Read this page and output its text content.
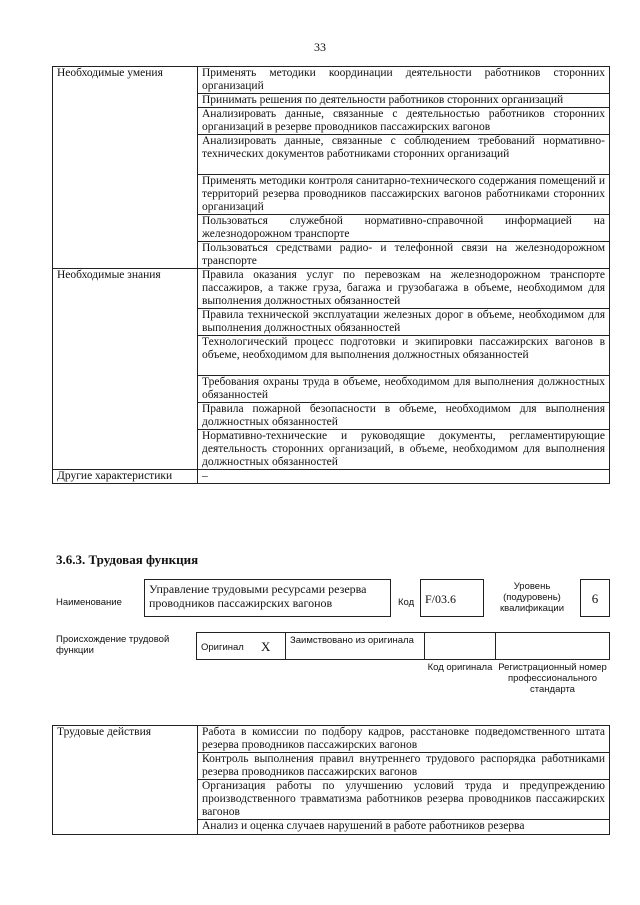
33
Необходимые умения	Применять методики координации деятельности работников сторонних организаций
	Принимать решения по деятельности работников сторонних организаций
	Анализировать данные, связанные с деятельностью работников сторонних организаций в резерве проводников пассажирских вагонов
	Анализировать данные, связанные с соблюдением требований нормативно-технических документов работниками сторонних организаций
	Применять методики контроля санитарно-технического содержания помещений и территорий резерва проводников пассажирских вагонов работниками сторонних организаций
	Пользоваться служебной нормативно-справочной информацией на железнодорожном транспорте
	Пользоваться средствами радио- и телефонной связи на железнодорожном транспорте
Необходимые знания	Правила оказания услуг по перевозкам на железнодорожном транспорте пассажиров, а также груза, багажа и грузобагажа в объеме, необходимом для выполнения должностных обязанностей
	Правила технической эксплуатации железных дорог в объеме, необходимом для выполнения должностных обязанностей
	Технологический процесс подготовки и экипировки пассажирских вагонов в объеме, необходимом для выполнения должностных обязанностей
	Требования охраны труда в объеме, необходимом для выполнения должностных обязанностей
	Правила пожарной безопасности в объеме, необходимом для выполнения должностных обязанностей
	Нормативно-технические и руководящие документы, регламентирующие деятельность сторонних организаций, в объеме, необходимом для выполнения должностных обязанностей
Другие характеристики	–
3.6.3. Трудовая функция
Наименование
Управление трудовыми ресурсами резерва проводников пассажирских вагонов	Код F/03.6
Уровень (подуровень) квалификации
6
Происхождение трудовой функции	Оригинал X Заимствовано из оригинала
Код оригинала Регистрационный номер профессионального стандарта
Трудовые действия	Работа в комиссии по подбору кадров, расстановке подведомственного штата резерва проводников пассажирских вагонов
Контроль выполнения правил внутреннего трудового распорядка работниками резерва проводников пассажирских вагонов
Организация работы по улучшению условий труда и предупреждению производственного травматизма работников резерва проводников пассажирских вагонов
Анализ и оценка случаев нарушений в работе работников резерва
